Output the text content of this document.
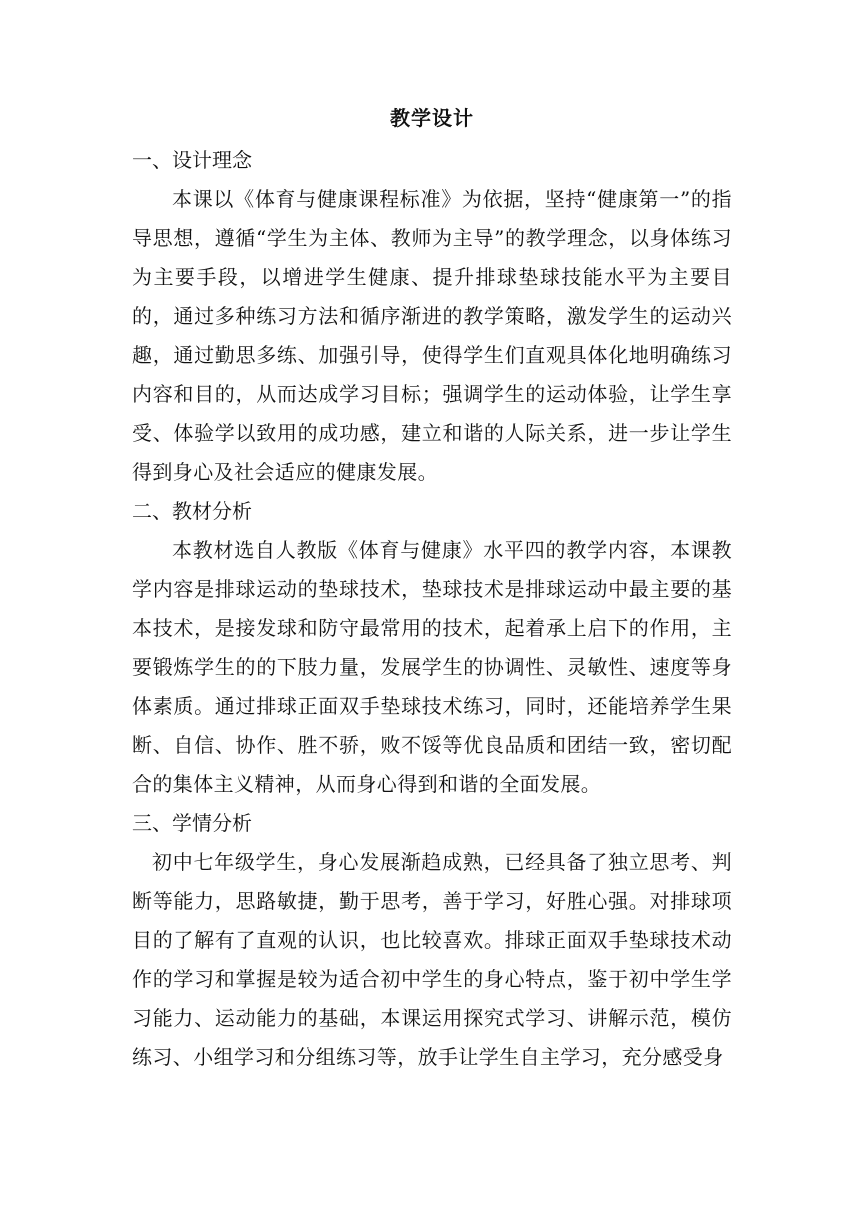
教学设计

一、设计理念

本课以《体育与健康课程标准》为依据，坚持“健康第一”的指导思想，遵循“学生为主体、教师为主导”的教学理念，以身体练习为主要手段，以增进学生健康、提升排球垫球技能水平为主要目的，通过多种练习方法和循序渐进的教学策略，激发学生的运动兴趣，通过勤思多练、加强引导，使得学生们直观具体化地明确练习内容和目的，从而达成学习目标；强调学生的运动体验，让学生享受、体验学以致用的成功感，建立和谐的人际关系，进一步让学生得到身心及社会适应的健康发展。

二、教材分析

本教材选自人教版《体育与健康》水平四的教学内容，本课教学内容是排球运动的垫球技术，垫球技术是排球运动中最主要的基本技术，是接发球和防守最常用的技术，起着承上启下的作用，主要锻炼学生的的下肢力量，发展学生的协调性、灵敏性、速度等身体素质。通过排球正面双手垫球技术练习，同时，还能培养学生果断、自信、协作、胜不骄，败不馁等优良品质和团结一致，密切配合的集体主义精神，从而身心得到和谐的全面发展。

三、学情分析

初中七年级学生，身心发展渐趋成熟，已经具备了独立思考、判断等能力，思路敏捷，勤于思考，善于学习，好胜心强。对排球项目的了解有了直观的认识，也比较喜欢。排球正面双手垫球技术动作的学习和掌握是较为适合初中学生的身心特点，鉴于初中学生学习能力、运动能力的基础，本课运用探究式学习、讲解示范，模仿练习、小组学习和分组练习等，放手让学生自主学习，充分感受身
